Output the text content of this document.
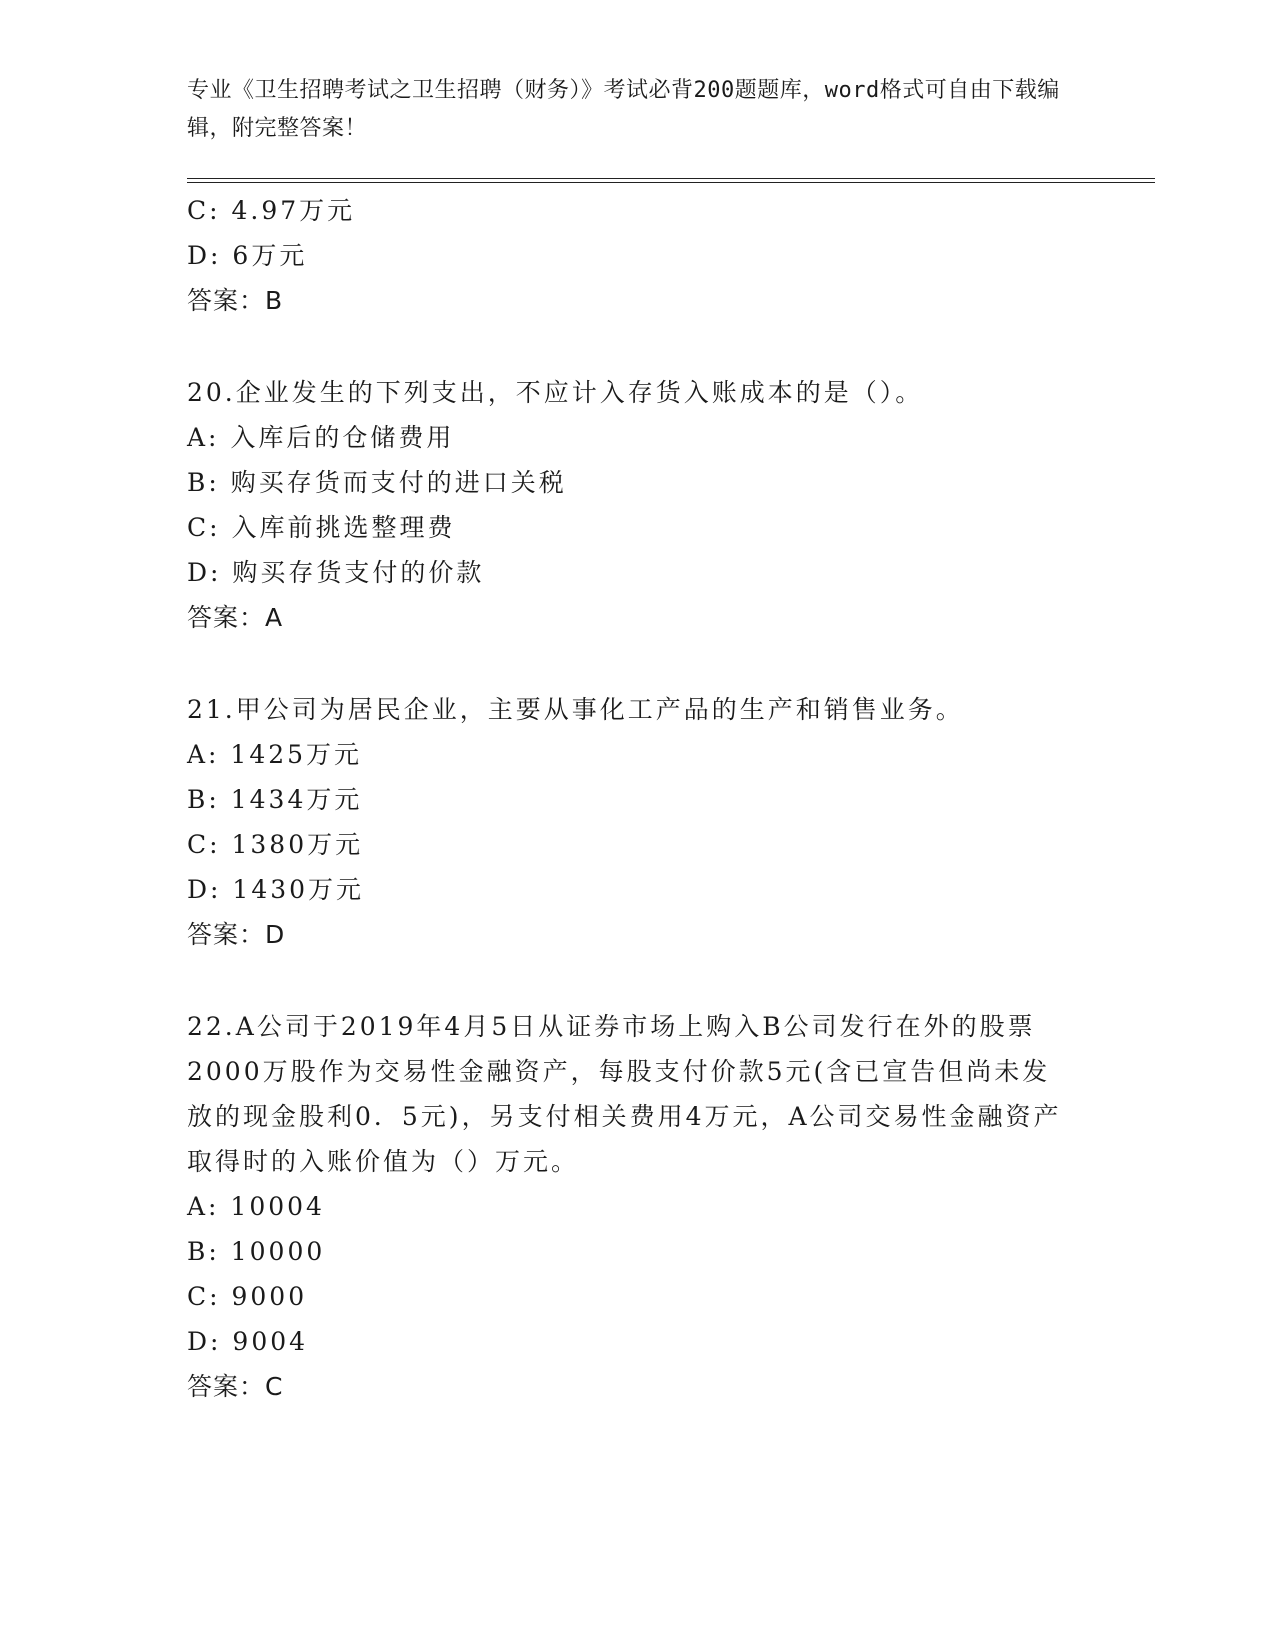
专业《卫生招聘考试之卫生招聘（财务）》考试必背200题题库，word格式可自由下载编辑，附完整答案！
C: 4.97万元
D: 6万元
答案：B
20.企业发生的下列支出，不应计入存货入账成本的是（）。
A: 入库后的仓储费用
B: 购买存货而支付的进口关税
C: 入库前挑选整理费
D: 购买存货支付的价款
答案：A
21.甲公司为居民企业，主要从事化工产品的生产和销售业务。
A: 1425万元
B: 1434万元
C: 1380万元
D: 1430万元
答案：D
22.A公司于2019年4月5日从证券市场上购入B公司发行在外的股票2000万股作为交易性金融资产，每股支付价款5元(含已宣告但尚未发放的现金股利0．5元)，另支付相关费用4万元，A公司交易性金融资产取得时的入账价值为（）万元。
A: 10004
B: 10000
C: 9000
D: 9004
答案：C
